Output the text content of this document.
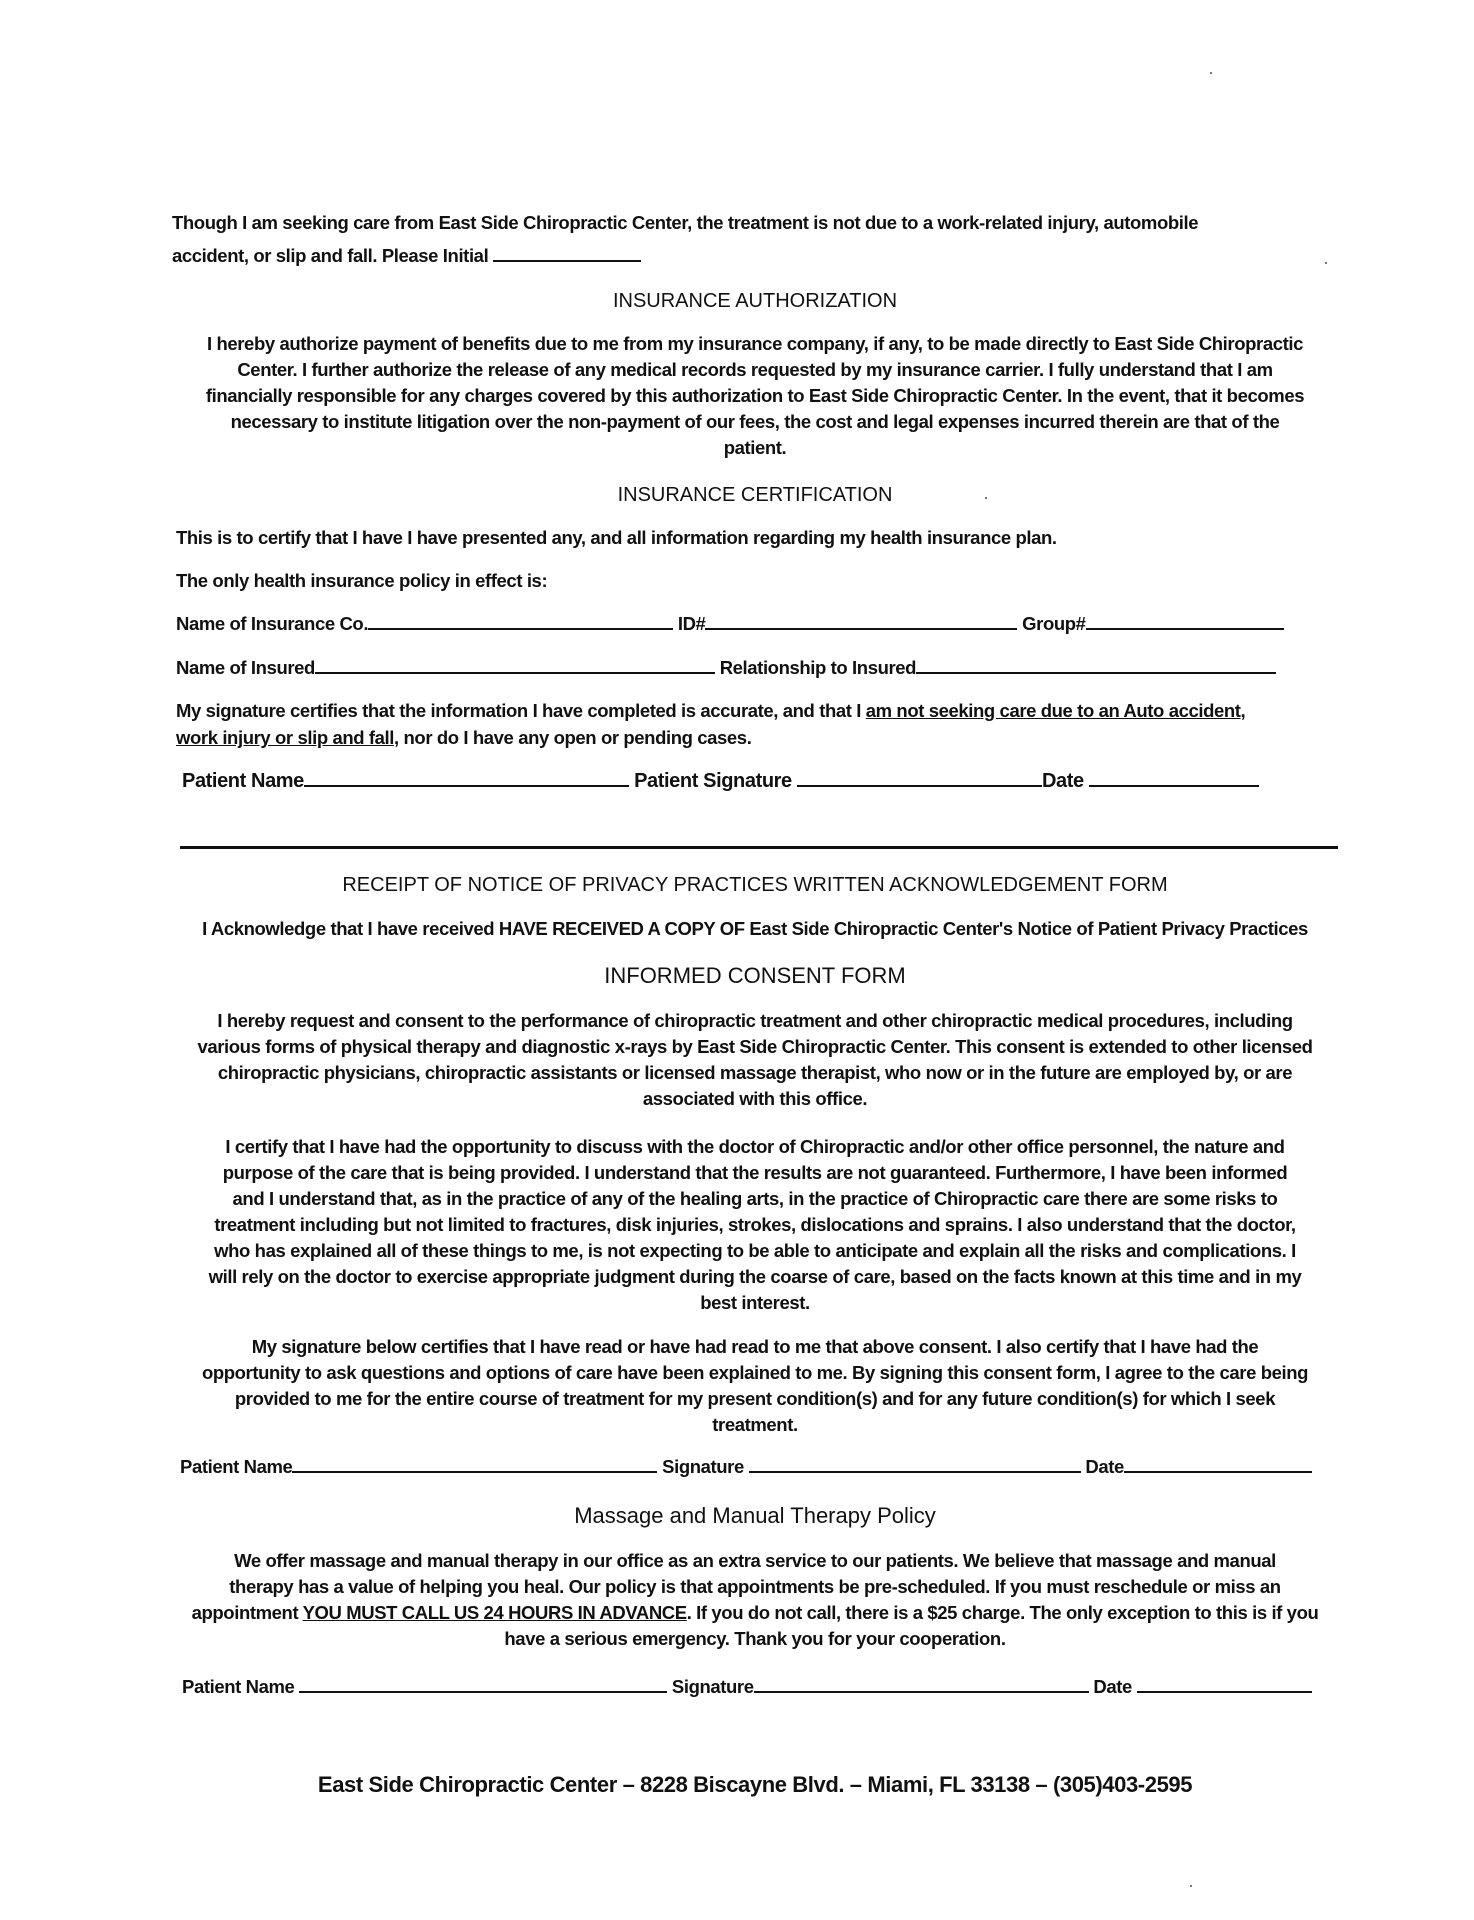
Though I am seeking care from East Side Chiropractic Center, the treatment is not due to a work-related injury, automobile
accident, or slip and fall. Please Initial
INSURANCE AUTHORIZATION
I hereby authorize payment of benefits due to me from my insurance company, if any, to be made directly to East Side Chiropractic
Center. I further authorize the release of any medical records requested by my insurance carrier. I fully understand that I am
financially responsible for any charges covered by this authorization to East Side Chiropractic Center. In the event, that it becomes
necessary to institute litigation over the non-payment of our fees, the cost and legal expenses incurred therein are that of the
patient.
INSURANCE CERTIFICATION
This is to certify that I have I have presented any, and all information regarding my health insurance plan.
The only health insurance policy in effect is:
Name of Insurance Co.	ID#	Group#
Name of Insured	Relationship to Insured
My signature certifies that the information I have completed is accurate, and that I am not seeking care due to an Auto accident,
work injury or slip and fall, nor do I have any open or pending cases.
Patient Name	Patient Signature	Date
RECEIPT OF NOTICE OF PRIVACY PRACTICES WRITTEN ACKNOWLEDGEMENT FORM
I Acknowledge that I have received HAVE RECEIVED A COPY OF East Side Chiropractic Center's Notice of Patient Privacy Practices
INFORMED CONSENT FORM
I hereby request and consent to the performance of chiropractic treatment and other chiropractic medical procedures, including
various forms of physical therapy and diagnostic x-rays by East Side Chiropractic Center. This consent is extended to other licensed
chiropractic physicians, chiropractic assistants or licensed massage therapist, who now or in the future are employed by, or are
associated with this office.
I certify that I have had the opportunity to discuss with the doctor of Chiropractic and/or other office personnel, the nature and
purpose of the care that is being provided. I understand that the results are not guaranteed. Furthermore, I have been informed
and I understand that, as in the practice of any of the healing arts, in the practice of Chiropractic care there are some risks to
treatment including but not limited to fractures, disk injuries, strokes, dislocations and sprains. I also understand that the doctor,
who has explained all of these things to me, is not expecting to be able to anticipate and explain all the risks and complications. I
will rely on the doctor to exercise appropriate judgment during the coarse of care, based on the facts known at this time and in my
best interest.
My signature below certifies that I have read or have had read to me that above consent. I also certify that I have had the
opportunity to ask questions and options of care have been explained to me. By signing this consent form, I agree to the care being
provided to me for the entire course of treatment for my present condition(s) and for any future condition(s) for which I seek
treatment.
Patient Name	Signature	Date
Massage and Manual Therapy Policy
We offer massage and manual therapy in our office as an extra service to our patients. We believe that massage and manual
therapy has a value of helping you heal. Our policy is that appointments be pre-scheduled. If you must reschedule or miss an
appointment YOU MUST CALL US 24 HOURS IN ADVANCE. If you do not call, there is a $25 charge. The only exception to this is if you
have a serious emergency. Thank you for your cooperation.
Patient Name	Signature	Date
East Side Chiropractic Center – 8228 Biscayne Blvd. – Miami, FL 33138 – (305)403-2595
